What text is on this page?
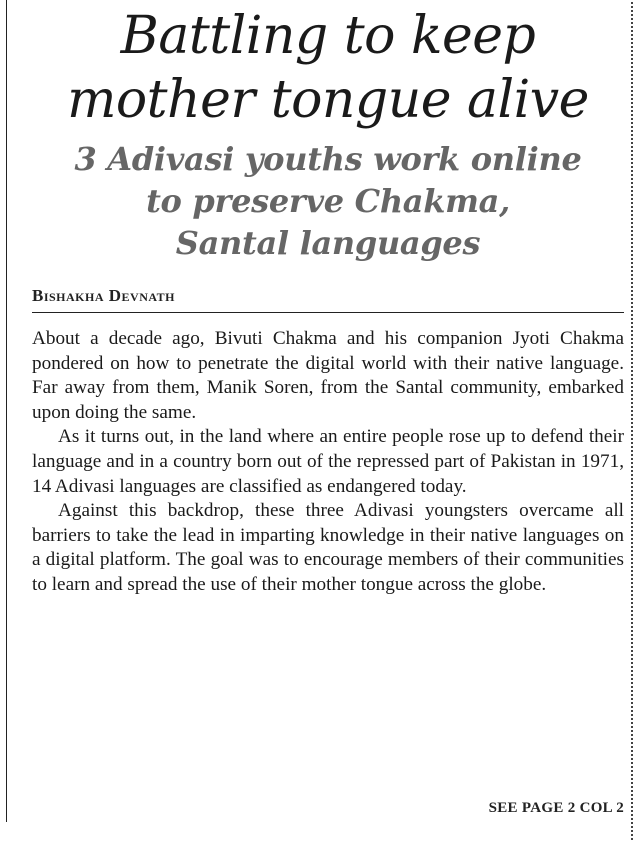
Battling to keep
mother tongue alive
3 Adivasi youths work online
to preserve Chakma,
Santal languages
Bishakha Devnath

About a decade ago, Bivuti Chakma and his companion Jyoti Chakma pondered on how to penetrate the digital world with their native language. Far away from them, Manik Soren, from the Santal community, embarked upon doing the same.

As it turns out, in the land where an entire people rose up to defend their language and in a country born out of the repressed part of Pakistan in 1971, 14 Adivasi languages are classified as endangered today.

Against this backdrop, these three Adivasi youngsters overcame all barriers to take the lead in imparting knowledge in their native languages on a digital platform. The goal was to encourage members of their communities to learn and spread the use of their mother tongue across the globe.

SEE PAGE 2 COL 2
